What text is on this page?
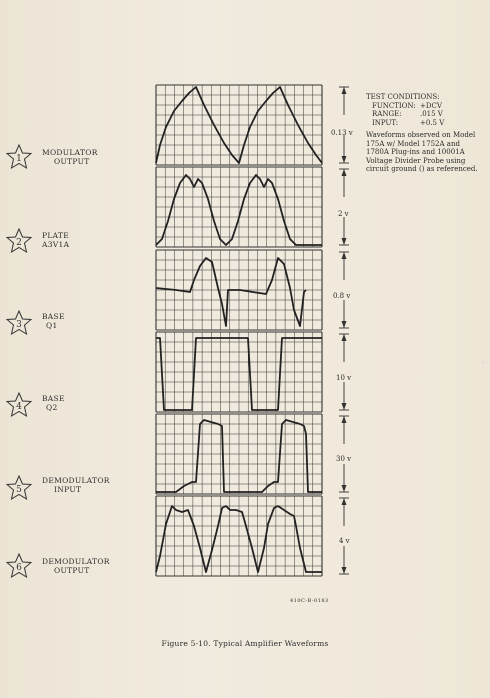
1
MODULATOR
OUTPUT
2
PLATE
A3V1A
3
BASE
Q1
4
BASE
Q2
5
DEMODULATOR
INPUT
6
DEMODULATOR
OUTPUT
0.13 v
2 v
0.8 v
10 v
30 v
4 v
TEST CONDITIONS:
FUNCTION: +DCV
RANGE:	.015 V
INPUT:	+0.5 V
Waveforms observed on Model 175A w/ Model 1752A and 1780A Plug-ins and 10001A Voltage Divider Probe using circuit ground () as referenced.
410C-B-0183
Figure 5-10. Typical Amplifier Waveforms
·
